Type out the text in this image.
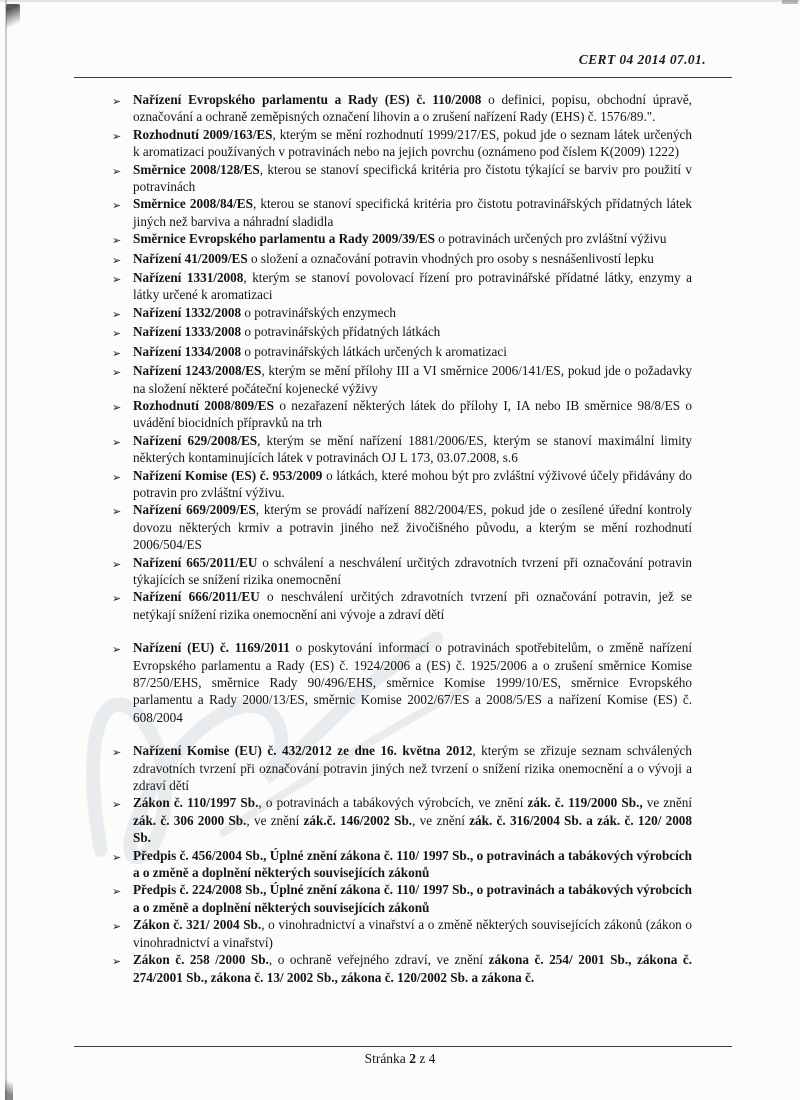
CERT 04 2014 07.01.
➢ Nařízení Evropského parlamentu a Rady (ES) č. 110/2008 o definici, popisu, obchodní úpravě, označování a ochraně zeměpisných označení lihovin a o zrušení nařízení Rady (EHS) č. 1576/89.".
➢ Rozhodnutí 2009/163/ES, kterým se mění rozhodnutí 1999/217/ES, pokud jde o seznam látek určených k aromatizaci používaných v potravinách nebo na jejich povrchu (oznámeno pod číslem K(2009) 1222)
➢ Směrnice 2008/128/ES, kterou se stanoví specifická kritéria pro čistotu týkající se barviv pro použití v potravinách
➢ Směrnice 2008/84/ES, kterou se stanoví specifická kritéria pro čistotu potravinářských přídatných látek jiných než barviva a náhradní sladidla
➢ Směrnice Evropského parlamentu a Rady 2009/39/ES o potravinách určených pro zvláštní výživu
➢ Nařízení 41/2009/ES o složení a označování potravin vhodných pro osoby s nesnášenlivostí lepku
➢ Nařízení 1331/2008, kterým se stanoví povolovací řízení pro potravinářské přídatné látky, enzymy a látky určené k aromatizaci
➢ Nařízení 1332/2008 o potravinářských enzymech
➢ Nařízení 1333/2008 o potravinářských přídatných látkách
➢ Nařízení 1334/2008 o potravinářských látkách určených k aromatizaci
➢ Nařízení 1243/2008/ES, kterým se mění přílohy III a VI směrnice 2006/141/ES, pokud jde o požadavky na složení některé počáteční kojenecké výživy
➢ Rozhodnutí 2008/809/ES o nezařazení některých látek do přílohy I, IA nebo IB směrnice 98/8/ES o uvádění biocidních přípravků na trh
➢ Nařízení 629/2008/ES, kterým se mění nařízení 1881/2006/ES, kterým se stanoví maximální limity některých kontaminujících látek v potravinách OJ L 173, 03.07.2008, s.6
➢ Nařízení Komise (ES) č. 953/2009 o látkách, které mohou být pro zvláštní výživové účely přidávány do potravin pro zvláštní výživu.
➢ Nařízení 669/2009/ES, kterým se provádí nařízení 882/2004/ES, pokud jde o zesílené úřední kontroly dovozu některých krmiv a potravin jiného než živočišného původu, a kterým se mění rozhodnutí 2006/504/ES
➢ Nařízení 665/2011/EU o schválení a neschválení určitých zdravotních tvrzení při označování potravin týkajících se snížení rizika onemocnění
➢ Nařízení 666/2011/EU o neschválení určitých zdravotních tvrzení při označování potravin, jež se netýkají snížení rizika onemocnění ani vývoje a zdraví dětí
➢ Nařízení (EU) č. 1169/2011 o poskytování informací o potravinách spotřebitelům, o změně nařízení Evropského parlamentu a Rady (ES) č. 1924/2006 a (ES) č. 1925/2006 a o zrušení směrnice Komise 87/250/EHS, směrnice Rady 90/496/EHS, směrnice Komise 1999/10/ES, směrnice Evropského parlamentu a Rady 2000/13/ES, směrnic Komise 2002/67/ES a 2008/5/ES a nařízení Komise (ES) č. 608/2004
➢ Nařízení Komise (EU) č. 432/2012 ze dne 16. května 2012, kterým se zřizuje seznam schválených zdravotních tvrzení při označování potravin jiných než tvrzení o snížení rizika onemocnění a o vývoji a zdraví dětí
➢ Zákon č. 110/1997 Sb., o potravinách a tabákových výrobcích, ve znění zák. č. 119/2000 Sb., ve znění zák. č. 306 2000 Sb., ve znění zák.č. 146/2002 Sb., ve znění zák. č. 316/2004 Sb. a zák. č. 120/ 2008 Sb.
➢ Předpis č. 456/2004 Sb., Úplné znění zákona č. 110/ 1997 Sb., o potravinách a tabákových výrobcích a o změně a doplnění některých souvisejících zákonů
➢ Předpis č. 224/2008 Sb., Úplné znění zákona č. 110/ 1997 Sb., o potravinách a tabákových výrobcích a o změně a doplnění některých souvisejících zákonů
➢ Zákon č. 321/ 2004 Sb., o vinohradnictví a vinařství a o změně některých souvisejících zákonů (zákon o vinohradnictví a vinařství)
➢ Zákon č. 258 /2000 Sb., o ochraně veřejného zdraví, ve znění zákona č. 254/ 2001 Sb., zákona č. 274/2001 Sb., zákona č. 13/ 2002 Sb., zákona č. 120/2002 Sb. a zákona č.
Stránka 2 z 4
